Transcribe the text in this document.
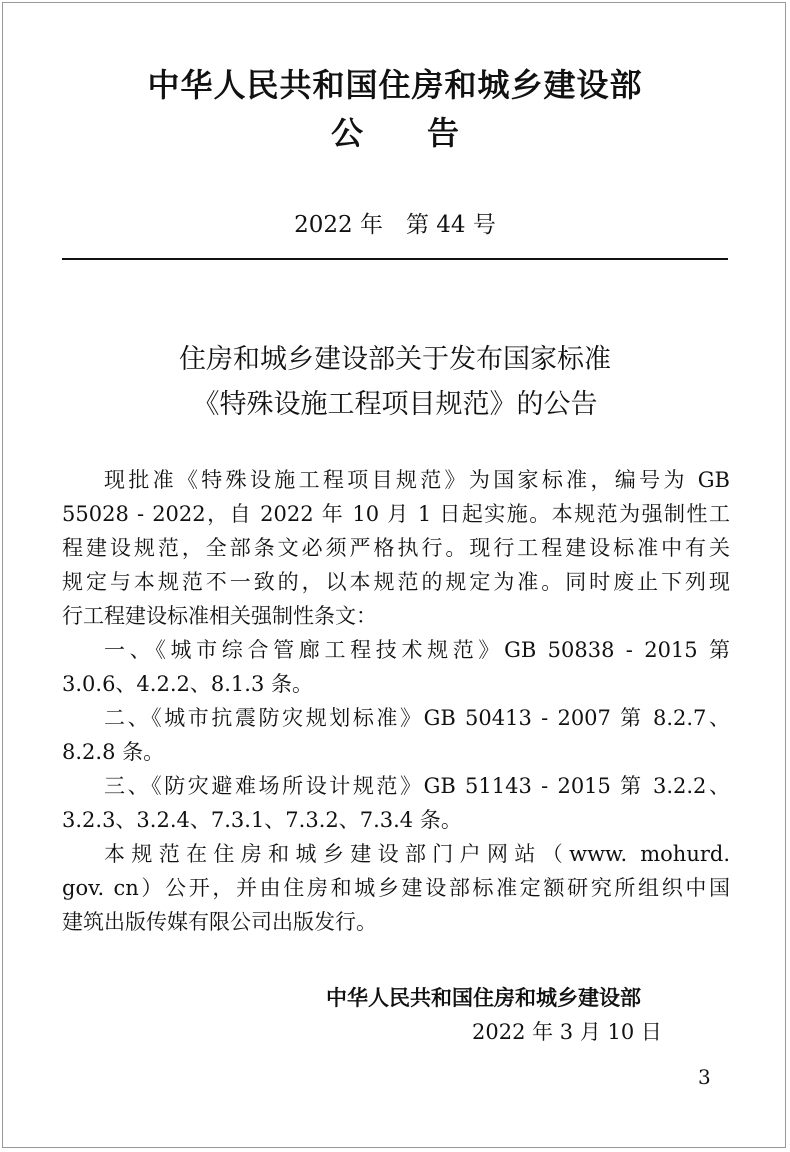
中华人民共和国住房和城乡建设部
公　　告
2022 年　第 44 号
住房和城乡建设部关于发布国家标准
《特殊设施工程项目规范》的公告
现批准《特殊设施工程项目规范》为国家标准，编号为 GB
55028 - 2022，自 2022 年 10 月 1 日起实施。本规范为强制性工
程建设规范，全部条文必须严格执行。现行工程建设标准中有关
规定与本规范不一致的，以本规范的规定为准。同时废止下列现
行工程建设标准相关强制性条文：
一、《城市综合管廊工程技术规范》GB 50838 - 2015 第
3.0.6、4.2.2、8.1.3 条。
二、《城市抗震防灾规划标准》GB 50413 - 2007 第 8.2.7、
8.2.8 条。
三、《防灾避难场所设计规范》GB 51143 - 2015 第 3.2.2、
3.2.3、3.2.4、7.3.1、7.3.2、7.3.4 条。
本规范在住房和城乡建设部门户网站（www. mohurd.
gov. cn）公开，并由住房和城乡建设部标准定额研究所组织中国
建筑出版传媒有限公司出版发行。
中华人民共和国住房和城乡建设部
2022 年 3 月 10 日
3
